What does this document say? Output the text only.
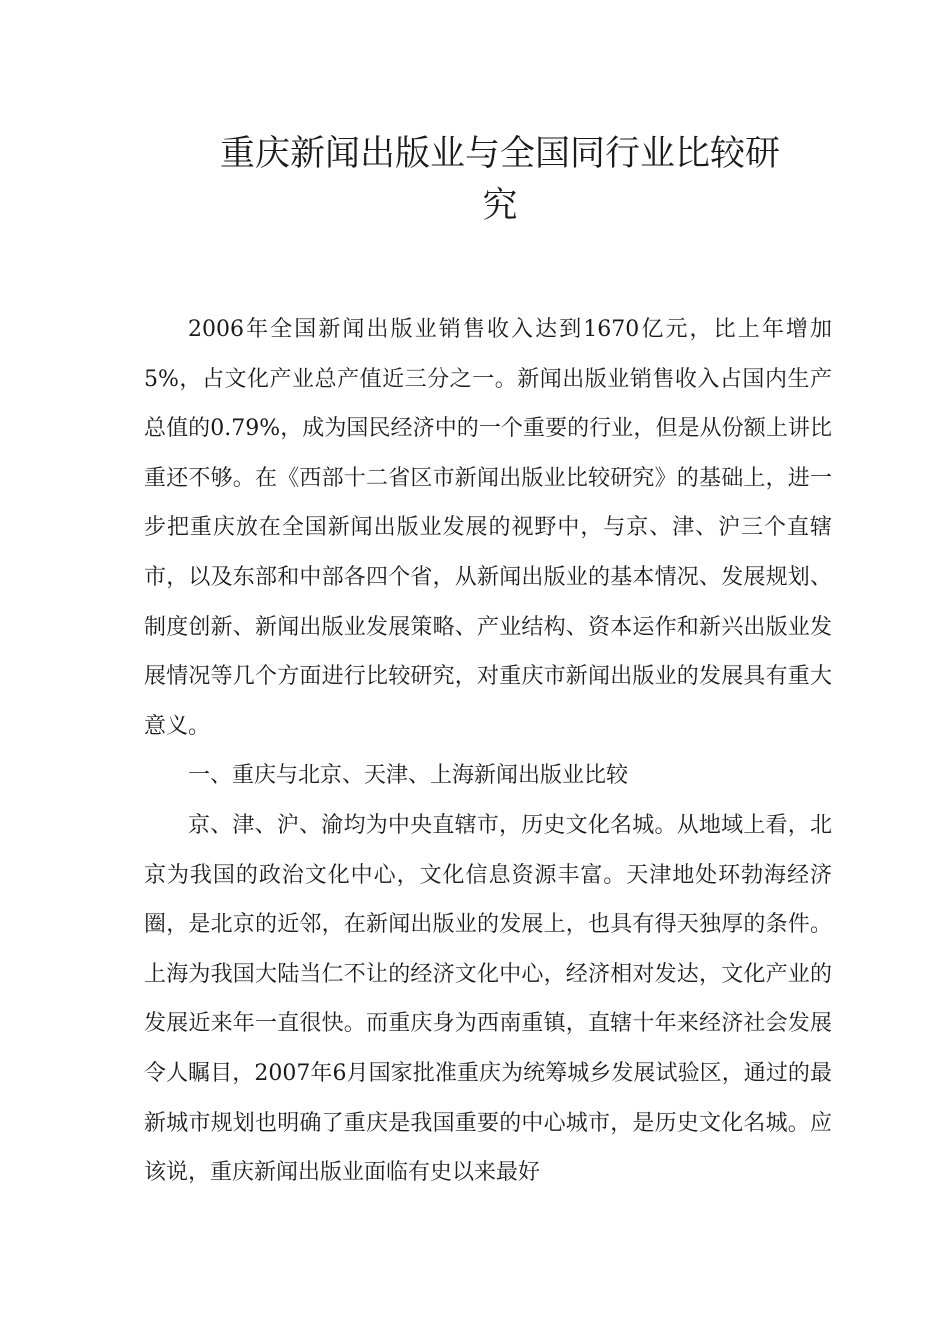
重庆新闻出版业与全国同行业比较研
究

2006年全国新闻出版业销售收入达到1670亿元，比上年增加5%，占文化产业总产值近三分之一。新闻出版业销售收入占国内生产总值的0.79%，成为国民经济中的一个重要的行业，但是从份额上讲比重还不够。在《西部十二省区市新闻出版业比较研究》的基础上，进一步把重庆放在全国新闻出版业发展的视野中，与京、津、沪三个直辖市，以及东部和中部各四个省，从新闻出版业的基本情况、发展规划、制度创新、新闻出版业发展策略、产业结构、资本运作和新兴出版业发展情况等几个方面进行比较研究，对重庆市新闻出版业的发展具有重大意义。

一、重庆与北京、天津、上海新闻出版业比较

京、津、沪、渝均为中央直辖市，历史文化名城。从地域上看，北京为我国的政治文化中心，文化信息资源丰富。天津地处环勃海经济圈，是北京的近邻，在新闻出版业的发展上，也具有得天独厚的条件。上海为我国大陆当仁不让的经济文化中心，经济相对发达，文化产业的发展近来年一直很快。而重庆身为西南重镇，直辖十年来经济社会发展令人瞩目，2007年6月国家批准重庆为统筹城乡发展试验区，通过的最新城市规划也明确了重庆是我国重要的中心城市，是历史文化名城。应该说，重庆新闻出版业面临有史以来最好
